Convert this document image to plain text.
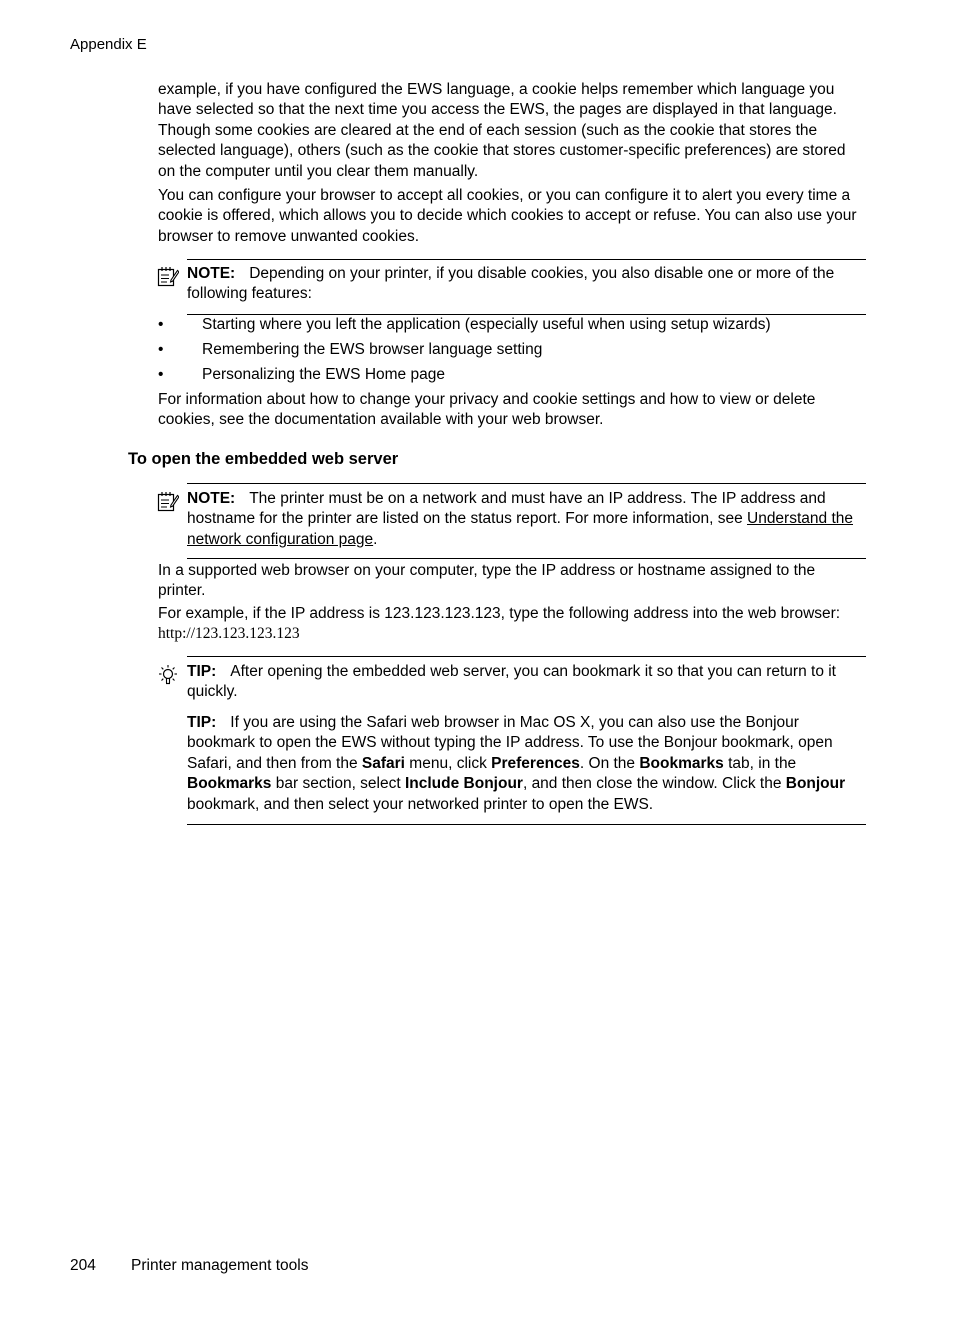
Appendix E

example, if you have configured the EWS language, a cookie helps remember which language you have selected so that the next time you access the EWS, the pages are displayed in that language. Though some cookies are cleared at the end of each session (such as the cookie that stores the selected language), others (such as the cookie that stores customer-specific preferences) are stored on the computer until you clear them manually.

You can configure your browser to accept all cookies, or you can configure it to alert you every time a cookie is offered, which allows you to decide which cookies to accept or refuse. You can also use your browser to remove unwanted cookies.

NOTE: Depending on your printer, if you disable cookies, you also disable one or more of the following features:

• Starting where you left the application (especially useful when using setup wizards)
• Remembering the EWS browser language setting
• Personalizing the EWS Home page

For information about how to change your privacy and cookie settings and how to view or delete cookies, see the documentation available with your web browser.

To open the embedded web server

NOTE: The printer must be on a network and must have an IP address. The IP address and hostname for the printer are listed on the status report. For more information, see Understand the network configuration page.

In a supported web browser on your computer, type the IP address or hostname assigned to the printer.

For example, if the IP address is 123.123.123.123, type the following address into the web browser: http://123.123.123.123

TIP: After opening the embedded web server, you can bookmark it so that you can return to it quickly.

TIP: If you are using the Safari web browser in Mac OS X, you can also use the Bonjour bookmark to open the EWS without typing the IP address. To use the Bonjour bookmark, open Safari, and then from the Safari menu, click Preferences. On the Bookmarks tab, in the Bookmarks bar section, select Include Bonjour, and then close the window. Click the Bonjour bookmark, and then select your networked printer to open the EWS.

204 Printer management tools
